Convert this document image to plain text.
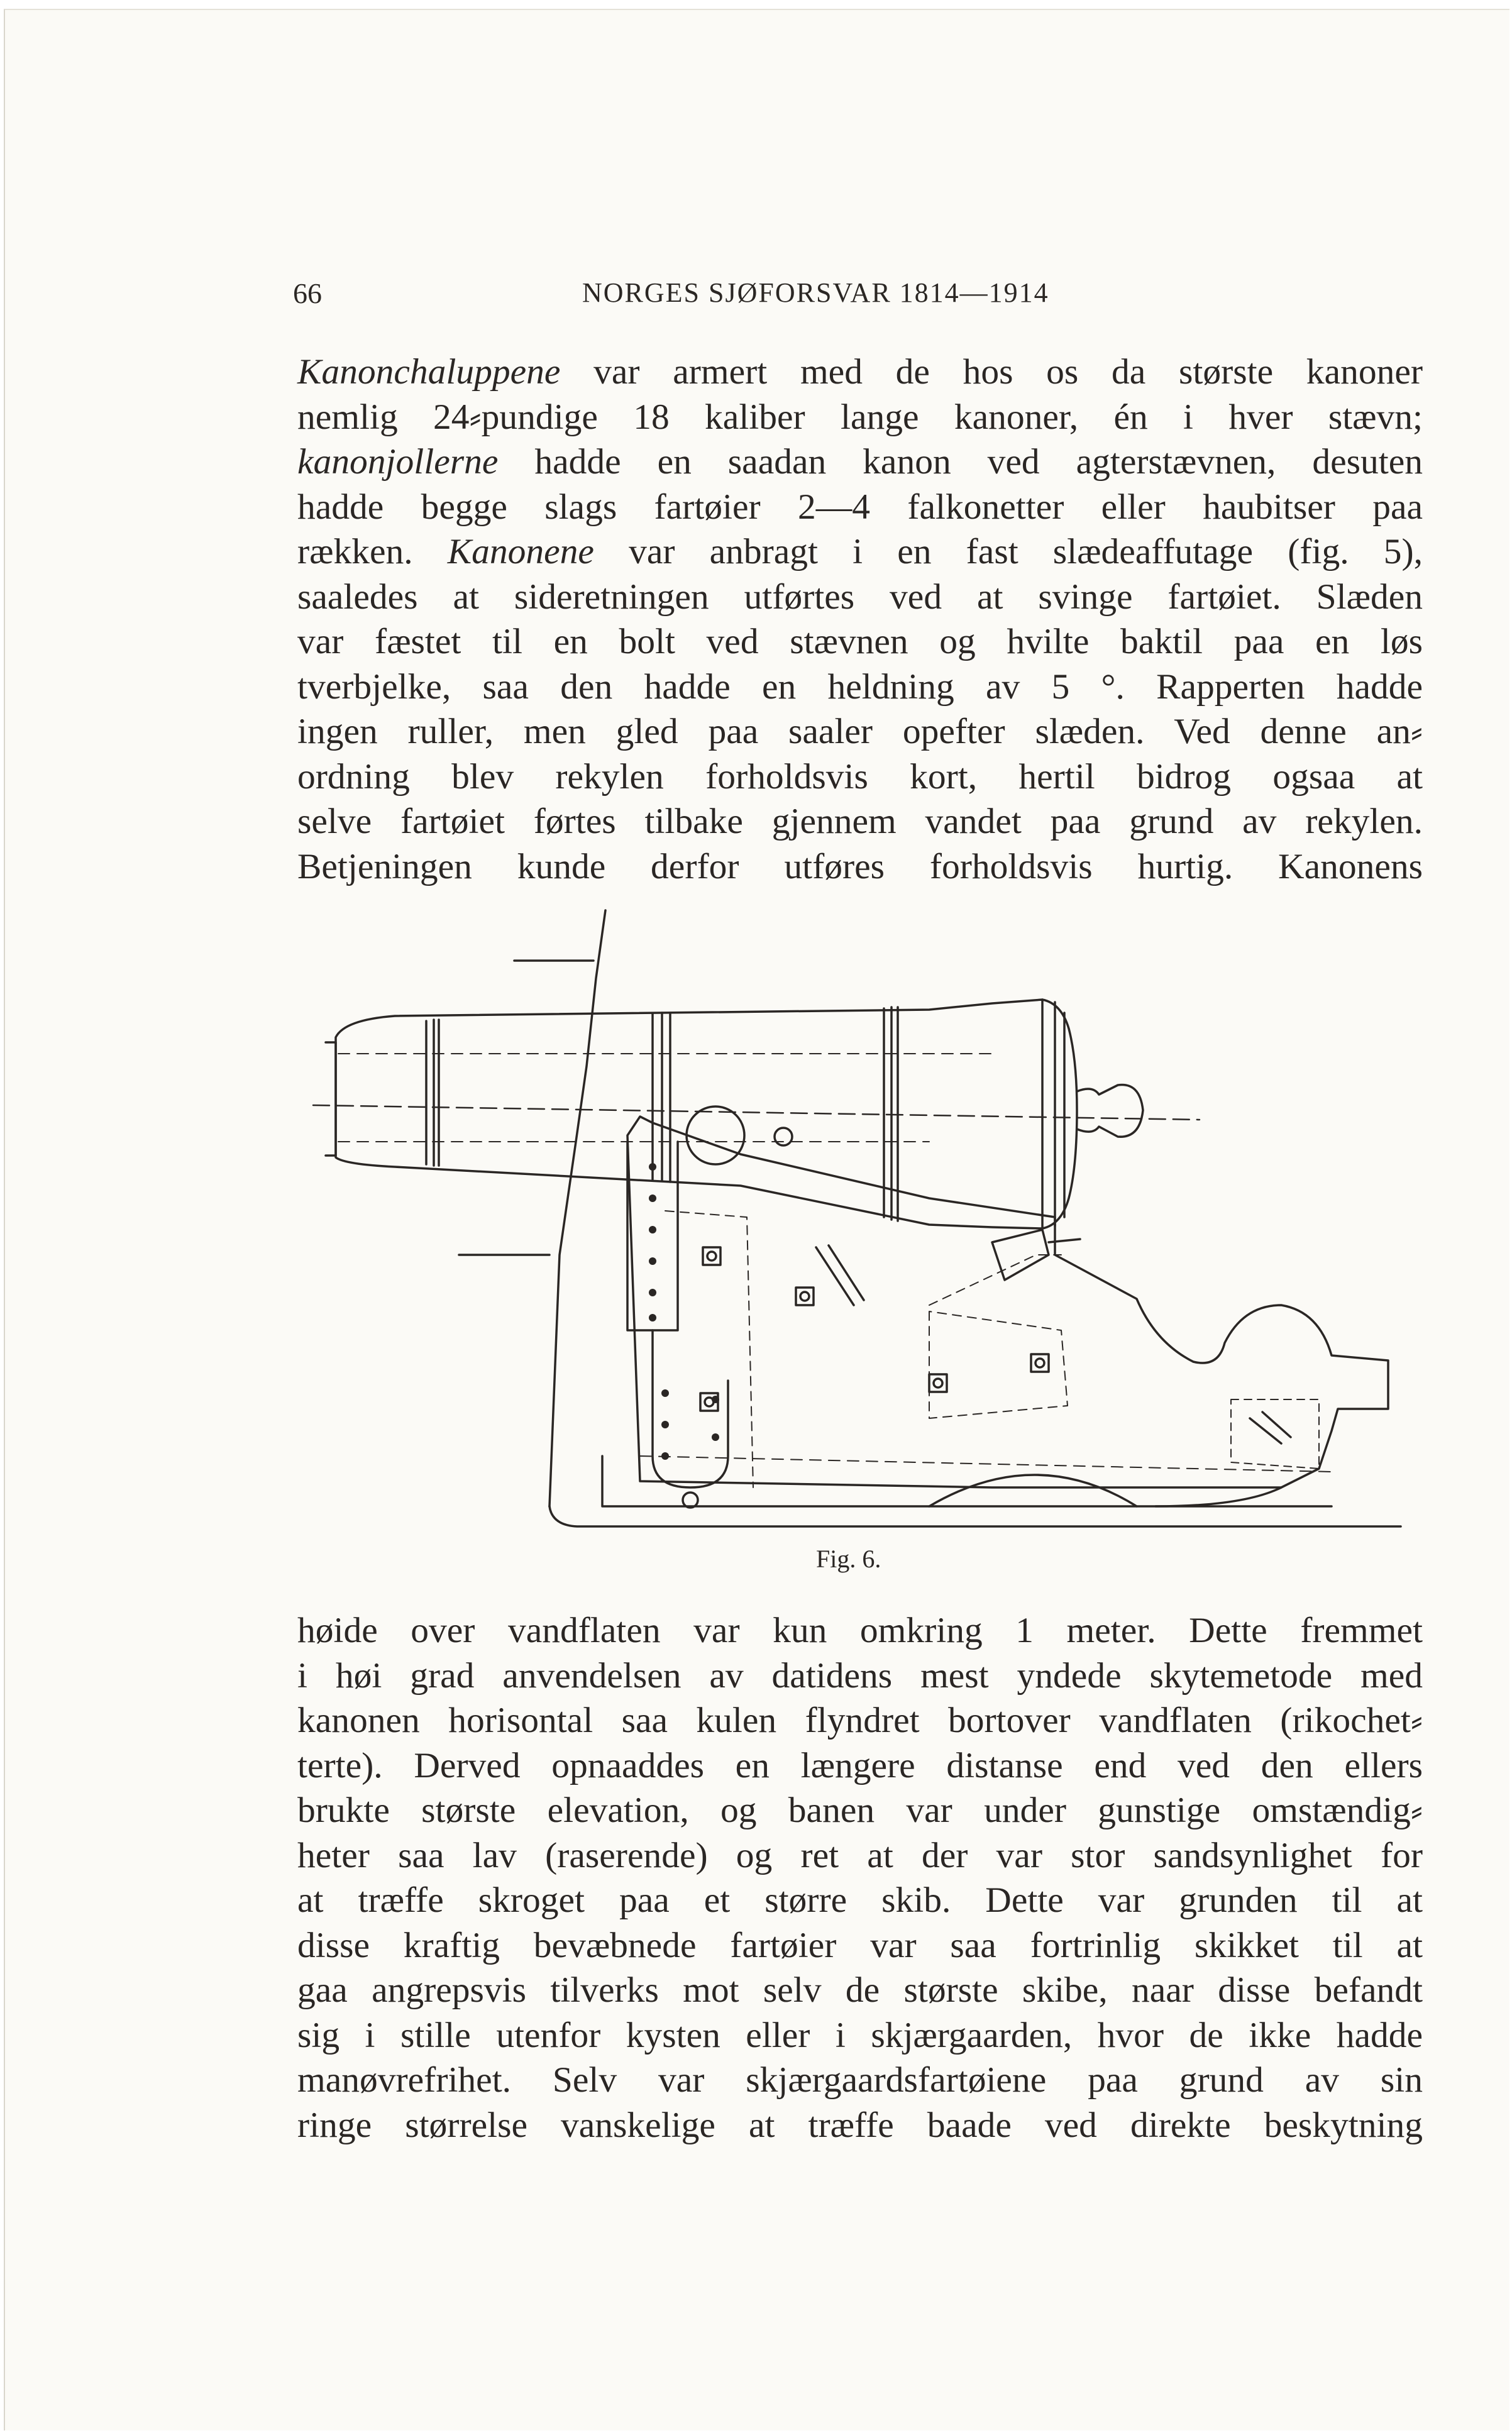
66	NORGES SJØFORSVAR 1814—1914
Kanonchaluppene var armert med de hos os da største kanoner
nemlig 24⸗pundige 18 kaliber lange kanoner, én i hver stævn;
kanonjollerne hadde en saadan kanon ved agterstævnen, desuten
hadde begge slags fartøier 2—4 falkonetter eller haubitser paa
rækken. Kanonene var anbragt i en fast slædeaffutage (fig. 5),
saaledes at sideretningen utførtes ved at svinge fartøiet. Slæden
var fæstet til en bolt ved stævnen og hvilte baktil paa en løs
tverbjelke, saa den hadde en heldning av 5 °. Rapperten hadde
ingen ruller, men gled paa saaler opefter slæden. Ved denne an⸗
ordning blev rekylen forholdsvis kort, hertil bidrog ogsaa at
selve fartøiet førtes tilbake gjennem vandet paa grund av rekylen.
Betjeningen kunde derfor utføres forholdsvis hurtig. Kanonens
Fig. 6.
høide over vandflaten var kun omkring 1 meter. Dette fremmet
i høi grad anvendelsen av datidens mest yndede skytemetode med
kanonen horisontal saa kulen flyndret bortover vandflaten (rikochet⸗
terte). Derved opnaaddes en længere distanse end ved den ellers
brukte største elevation, og banen var under gunstige omstændig⸗
heter saa lav (raserende) og ret at der var stor sandsynlighet for
at træffe skroget paa et større skib. Dette var grunden til at
disse kraftig bevæbnede fartøier var saa fortrinlig skikket til at
gaa angrepsvis tilverks mot selv de største skibe, naar disse befandt
sig i stille utenfor kysten eller i skjærgaarden, hvor de ikke hadde
manøvrefrihet. Selv var skjærgaardsfartøiene paa grund av sin
ringe størrelse vanskelige at træffe baade ved direkte beskytning
